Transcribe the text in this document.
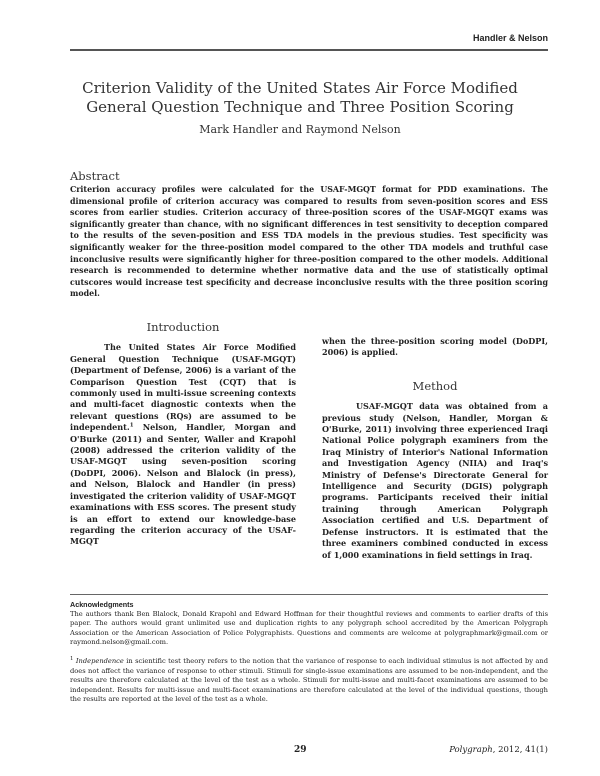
Handler & Nelson
Criterion Validity of the United States Air Force Modified General Question Technique and Three Position Scoring
Mark Handler and Raymond Nelson
Abstract
Criterion accuracy profiles were calculated for the USAF-MGQT format for PDD examinations. The dimensional profile of criterion accuracy was compared to results from seven-position scores and ESS scores from earlier studies. Criterion accuracy of three-position scores of the USAF-MGQT exams was significantly greater than chance, with no significant differences in test sensitivity to deception compared to the results of the seven-position and ESS TDA models in the previous studies. Test specificity was significantly weaker for the three-position model compared to the other TDA models and truthful case inconclusive results were significantly higher for three-position compared to the other models. Additional research is recommended to determine whether normative data and the use of statistically optimal cutscores would increase test specificity and decrease inconclusive results with the three position scoring model.
Introduction

The United States Air Force Modified General Question Technique (USAF-MGQT) (Department of Defense, 2006) is a variant of the Comparison Question Test (CQT) that is commonly used in multi-issue screening contexts and multi-facet diagnostic contexts when the relevant questions (RQs) are assumed to be independent.$^1$ Nelson, Handler, Morgan and O'Burke (2011) and Senter, Waller and Krapohl (2008) addressed the criterion validity of the USAF-MGQT using seven-position scoring (DoDPI, 2006). Nelson and Blalock (in press), and Nelson, Blalock and Handler (in press) investigated the criterion validity of USAF-MGQT examinations with ESS scores. The present study is an effort to extend our knowledge-base regarding the criterion accuracy of the USAF-MGQT

when the three-position scoring model (DoDPI, 2006) is applied.

Method

USAF-MGQT data was obtained from a previous study (Nelson, Handler, Morgan & O'Burke, 2011) involving three experienced Iraqi National Police polygraph examiners from the Iraq Ministry of Interior's National Information and Investigation Agency (NIIA) and Iraq's Ministry of Defense's Directorate General for Intelligence and Security (DGIS) polygraph programs. Participants received their initial training through American Polygraph Association certified and U.S. Department of Defense instructors. It is estimated that the three examiners combined conducted in excess of 1,000 examinations in field settings in Iraq.

Acknowledgments
The authors thank Ben Blalock, Donald Krapohl and Edward Hoffman for their thoughtful reviews and comments to earlier drafts of this paper. The authors would grant unlimited use and duplication rights to any polygraph school accredited by the American Polygraph Association or the American Association of Police Polygraphists. Questions and comments are welcome at polygraphmark@gmail.com or raymond.nelson@gmail.com.
$^1$ Independence in scientific test theory refers to the notion that the variance of response to each individual stimulus is not affected by and does not affect the variance of response to other stimuli. Stimuli for single-issue examinations are assumed to be non-independent, and the results are therefore calculated at the level of the test as a whole. Stimuli for multi-issue and multi-facet examinations are assumed to be independent. Results for multi-issue and multi-facet examinations are therefore calculated at the level of the individual questions, though the results are reported at the level of the test as a whole.
29	Polygraph, 2012, 41(1)
